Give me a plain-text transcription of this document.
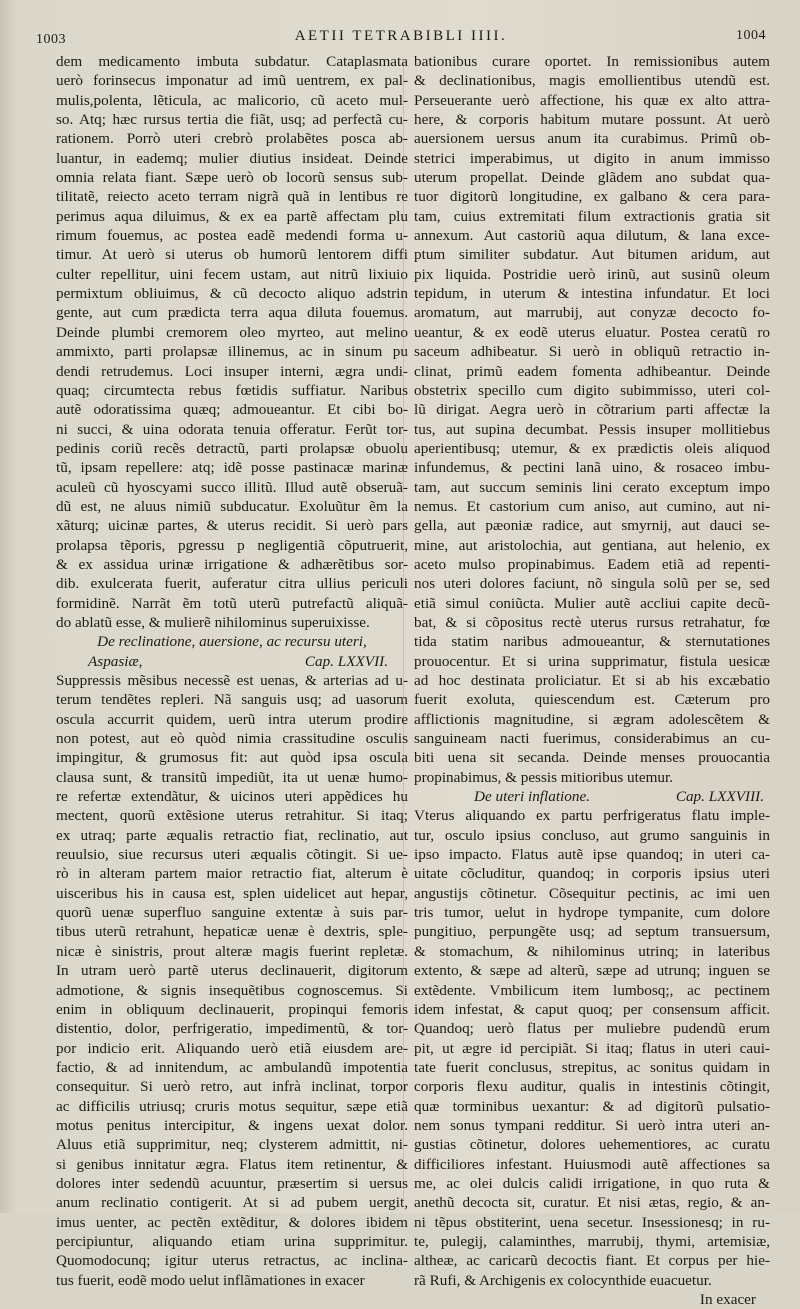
1003	AETII TETRABIBLI IIII.	1004
dem medicamento imbuta subdatur. Cataplasmata
uerò forinsecus imponatur ad imũ uentrem, ex pal-
mulis,polenta, lẽticula, ac malicorio, cũ aceto mul-
so. Atq; hæc rursus tertia die fiãt, usq; ad perfectã cu-
rationem. Porrò uteri crebrò prolabẽtes posca ab-
luantur, in eademq; mulier diutius insideat. Deinde
omnia relata fiant. Sæpe uerò ob locorũ sensus sub-
tilitatẽ, reiecto aceto terram nigrã quã in lentibus re
perimus aqua diluimus, & ex ea partẽ affectam plu
rimum fouemus, ac postea eadẽ medendi forma u-
timur. At uerò si uterus ob humorũ lentorem diffi
culter repellitur, uini fecem ustam, aut nitrũ lixiuio
permixtum obliuimus, & cũ decocto aliquo adstrin
gente, aut cum prædicta terra aqua diluta fouemus.
Deinde plumbi cremorem oleo myrteo, aut melino
ammixto, parti prolapsæ illinemus, ac in sinum pu
dendi retrudemus. Loci insuper interni, ægra undi-
quaq; circumtecta rebus fœtidis suffiatur. Naribus
autẽ odoratissima quæq; admoueantur. Et cibi bo-
ni succi, & uina odorata tenuia offeratur. Ferũt tor-
pedinis coriũ recẽs detractũ, parti prolapsæ obuolu
tũ, ipsam repellere: atq; idẽ posse pastinacæ marinæ
aculeũ cũ hyoscyami succo illitũ. Illud autẽ obseruã-
dũ est, ne aluus nimiũ subducatur. Exoluũtur ẽm la
xãturq; uicinæ partes, & uterus recidit. Si uerò pars
prolapsa tẽporis, pgressu p negligentiã cõputruerit,
& ex assidua urinæ irrigatione & adhærẽtibus sor-
dib. exulcerata fuerit, auferatur citra ullius periculi
formidinẽ. Narrãt ẽm totũ uterũ putrefactũ aliquã-
do ablatũ esse, & mulierẽ nihilominus superuixisse.
De reclinatione, auersione, ac recursu uteri,
Aspasiæ,	Cap. LXXVII.
Suppressis mẽsibus necessẽ est uenas, & arterias ad u-
terum tendẽtes repleri. Nã sanguis usq; ad uasorum
oscula accurrit quidem, uerũ intra uterum prodire
non potest, aut eò quòd nimia crassitudine osculis
impingitur, & grumosus fit: aut quòd ipsa oscula
clausa sunt, & transitũ impediũt, ita ut uenæ humo-
re refertæ extendãtur, & uicinos uteri appẽdices hu
mectent, quorũ extẽsione uterus retrahitur. Si itaq;
ex utraq; parte æqualis retractio fiat, reclinatio, aut
reuulsio, siue recursus uteri æqualis cõtingit. Si ue-
rò in alteram partem maior retractio fiat, alterum è
uisceribus his in causa est, splen uidelicet aut hepar,
quorũ uenæ superfluo sanguine extentæ à suis par-
tibus uterũ retrahunt, hepaticæ uenæ è dextris, sple-
nicæ è sinistris, prout alteræ magis fuerint repletæ.
In utram uerò partẽ uterus declinauerit, digitorum
admotione, & signis insequẽtibus cognoscemus. Si
enim in obliquum declinauerit, propinqui femoris
distentio, dolor, perfrigeratio, impedimentũ, & tor-
por indicio erit. Aliquando uerò etiã eiusdem are-
factio, & ad innitendum, ac ambulandũ impotentia
consequitur. Si uerò retro, aut infrà inclinat, torpor
ac difficilis utriusq; cruris motus sequitur, sæpe etiã
motus penitus intercipitur, & ingens uexat dolor.
Aluus etiã supprimitur, neq; clysterem admittit, ni-
si genibus innitatur ægra. Flatus item retinentur, &
dolores inter sedendũ acuuntur, præsertim si uersus
anum reclinatio contigerit. At si ad pubem uergit,
imus uenter, ac pectẽn extẽditur, & dolores ibidem
percipiuntur, aliquando etiam urina supprimitur.
Quomodocunq; igitur uterus retractus, ac inclina-
tus fuerit, eodẽ modo uelut inflãmationes in exacer
bationibus curare oportet. In remissionibus autem
& declinationibus, magis emollientibus utendũ est.
Perseuerante uerò affectione, his quæ ex alto attra-
here, & corporis habitum mutare possunt. At uerò
auersionem uersus anum ita curabimus. Primũ ob-
stetrici imperabimus, ut digito in anum immisso
uterum propellat. Deinde glãdem ano subdat qua-
tuor digitorũ longitudine, ex galbano & cera para-
tam, cuius extremitati filum extractionis gratia sit
annexum. Aut castoriũ aqua dilutum, & lana exce-
ptum similiter subdatur. Aut bitumen aridum, aut
pix liquida. Postridie uerò irinũ, aut susinũ oleum
tepidum, in uterum & intestina infundatur. Et loci
aromatum, aut marrubij, aut conyzæ decocto fo-
ueantur, & ex eodẽ uterus eluatur. Postea ceratũ ro
saceum adhibeatur. Si uerò in obliquũ retractio in-
clinat, primũ eadem fomenta adhibeantur. Deinde
obstetrix specillo cum digito subimmisso, uteri col-
lũ dirigat. Aegra uerò in cõtrarium parti affectæ la
tus, aut supina decumbat. Pessis insuper mollitiebus
aperientibusq; utemur, & ex prædictis oleis aliquod
infundemus, & pectini lanã uino, & rosaceo imbu-
tam, aut succum seminis lini cerato exceptum impo
nemus. Et castorium cum aniso, aut cumino, aut ni-
gella, aut pæoniæ radice, aut smyrnij, aut dauci se-
mine, aut aristolochia, aut gentiana, aut helenio, ex
aceto mulso propinabimus. Eadem etiã ad repenti-
nos uteri dolores faciunt, nõ singula solũ per se, sed
etiã simul coniũcta. Mulier autẽ accliui capite decũ-
bat, & si cõpositus rectè uterus rursus retrahatur, fœ
tida statim naribus admoueantur, & sternutationes
prouocentur. Et si urina supprimatur, fistula uesicæ
ad hoc destinata proliciatur. Et si ab his excæbatio
fuerit exoluta, quiescendum est. Cæterum pro
afflictionis magnitudine, si ægram adolescẽtem &
sanguineam nacti fuerimus, considerabimus an cu-
biti uena sit secanda. Deinde menses prouocantia
propinabimus, & pessis mitioribus utemur.
De uteri inflatione.	Cap. LXXVIII.
Vterus aliquando ex partu perfrigeratus flatu imple-
tur, osculo ipsius concluso, aut grumo sanguinis in
ipso impacto. Flatus autẽ ipse quandoq; in uteri ca-
uitate cõcluditur, quandoq; in corporis ipsius uteri
angustijs cõtinetur. Cõsequitur pectinis, ac imi uen
tris tumor, uelut in hydrope tympanite, cum dolore
pungitiuo, perpungẽte usq; ad septum transuersum,
& stomachum, & nihilominus utrinq; in lateribus
extento, & sæpe ad alterũ, sæpe ad utrunq; inguen se
extẽdente. Vmbilicum item lumbosq;, ac pectinem
idem infestat, & caput quoq; per consensum afficit.
Quandoq; uerò flatus per muliebre pudendũ erum
pit, ut ægre id percipiãt. Si itaq; flatus in uteri caui-
tate fuerit conclusus, strepitus, ac sonitus quidam in
corporis flexu auditur, qualis in intestinis cõtingit,
quæ torminibus uexantur: & ad digitorũ pulsatio-
nem sonus tympani redditur. Si uerò intra uteri an-
gustias cõtinetur, dolores uehementiores, ac curatu
difficiliores infestant. Huiusmodi autẽ affectiones sa
me, ac olei dulcis calidi irrigatione, in quo ruta &
anethũ decocta sit, curatur. Et nisi ætas, regio, & an-
ni tẽpus obstiterint, uena secetur. Insessionesq; in ru-
te, pulegij, calaminthes, marrubij, thymi, artemisiæ,
altheæ, ac caricarũ decoctis fiant. Et corpus per hie-
rã Rufi, & Archigenis ex colocynthide euacuetur.
In exacer
